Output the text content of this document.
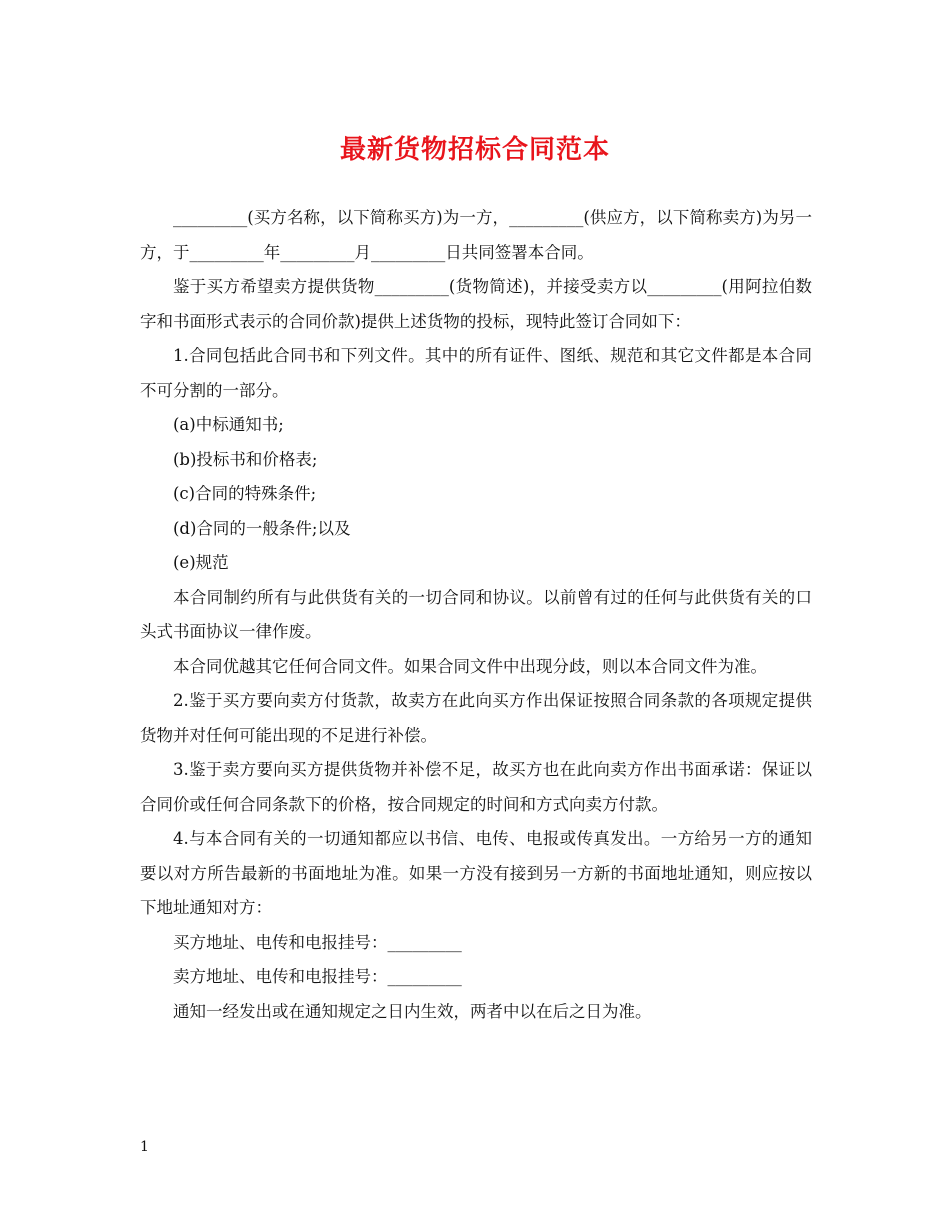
最新货物招标合同范本

_________(买方名称，以下简称买方)为一方，_________(供应方，以下简称卖方)为另一方，于_________年_________月_________日共同签署本合同。

鉴于买方希望卖方提供货物_________(货物简述)，并接受卖方以_________(用阿拉伯数字和书面形式表示的合同价款)提供上述货物的投标，现特此签订合同如下：

1.合同包括此合同书和下列文件。其中的所有证件、图纸、规范和其它文件都是本合同不可分割的一部分。

(a)中标通知书;

(b)投标书和价格表;

(c)合同的特殊条件;

(d)合同的一般条件;以及

(e)规范

本合同制约所有与此供货有关的一切合同和协议。以前曾有过的任何与此供货有关的口头式书面协议一律作废。

本合同优越其它任何合同文件。如果合同文件中出现分歧，则以本合同文件为准。

2.鉴于买方要向卖方付货款，故卖方在此向买方作出保证按照合同条款的各项规定提供货物并对任何可能出现的不足进行补偿。

3.鉴于卖方要向买方提供货物并补偿不足，故买方也在此向卖方作出书面承诺：保证以合同价或任何合同条款下的价格，按合同规定的时间和方式向卖方付款。

4.与本合同有关的一切通知都应以书信、电传、电报或传真发出。一方给另一方的通知要以对方所告最新的书面地址为准。如果一方没有接到另一方新的书面地址通知，则应按以下地址通知对方：

买方地址、电传和电报挂号：_________

卖方地址、电传和电报挂号：_________

通知一经发出或在通知规定之日内生效，两者中以在后之日为准。

1
